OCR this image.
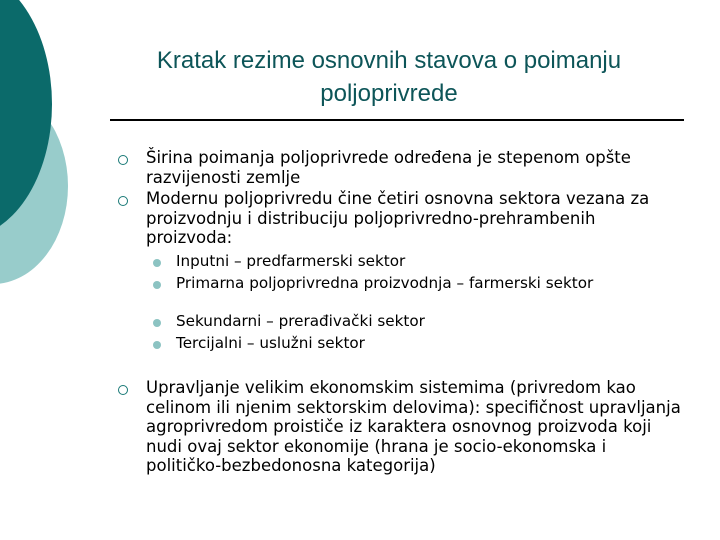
Kratak rezime osnovnih stavova o poimanju poljoprivrede
Širina poimanja poljoprivrede određena je stepenom opšte razvijenosti zemlje
Modernu poljoprivredu čine četiri osnovna sektora vezana za proizvodnju i distribuciju poljoprivredno-prehrambenih proizvoda:
Inputni – predfarmerski sektor
Primarna poljoprivredna proizvodnja – farmerski sektor
Sekundarni – prerađivački sektor
Tercijalni – uslužni sektor
Upravljanje velikim ekonomskim sistemima (privredom kao celinom ili njenim sektorskim delovima): specifičnost upravljanja agroprivredom proističe iz karaktera osnovnog proizvoda koji nudi ovaj sektor ekonomije (hrana je socio-ekonomska i političko-bezbedonosna kategorija)
